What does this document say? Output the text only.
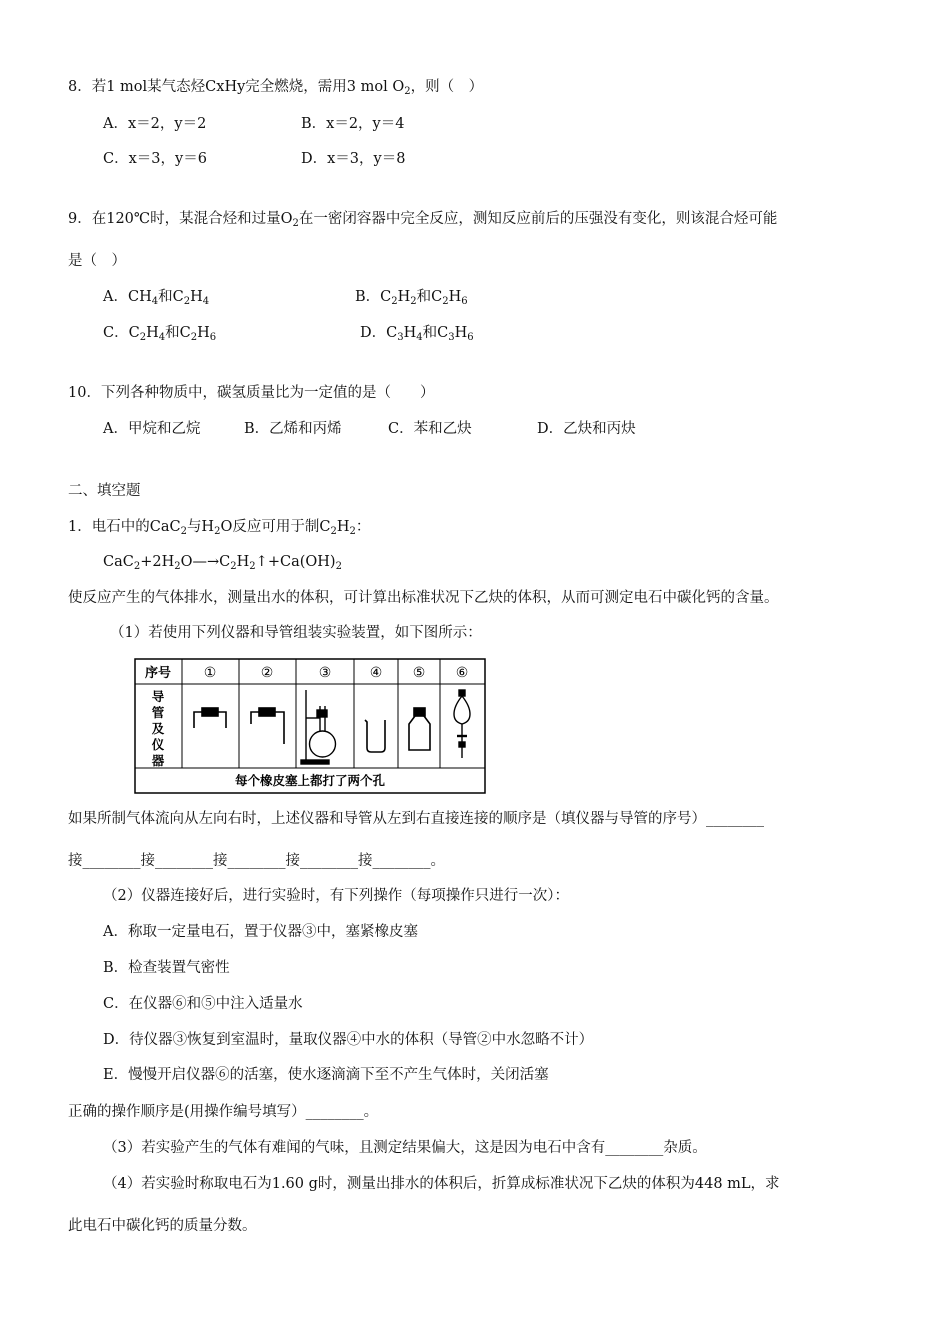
8．若1 mol某气态烃CxHy完全燃烧，需用3 mol $O_2$，则（　）
A．x＝2，y＝2	B．x＝2，y＝4
C．x＝3，y＝6	D．x＝3，y＝8
9．在120℃时，某混合烃和过量$O_2$在一密闭容器中完全反应，测知反应前后的压强没有变化，则该混合烃可能
是（　）
A．$CH_4$和$C_2H_4$	B．$C_2H_2$和$C_2H_6$
C．$C_2H_4$和$C_2H_6$	D．$C_3H_4$和$C_3H_6$
10．下列各种物质中，碳氢质量比为一定值的是（　　）
A．甲烷和乙烷	B．乙烯和丙烯	C．苯和乙炔	D．乙炔和丙炔
二、填空题
1．电石中的CaC$_2$与$H_2O$反应可用于制$C_2H_2$：
$CaC_2+2H_2O—\to C_2H_2↑+Ca(OH)_2$
使反应产生的气体排水，测量出水的体积，可计算出标准状况下乙炔的体积，从而可测定电石中碳化钙的含量。
（1）若使用下列仪器和导管组装实验装置，如下图所示：
序号 ①	②	③	④ ⑤ ⑥
导
管
及
仪
器
每个橡皮塞上都打了两个孔
如果所制气体流向从左向右时，上述仪器和导管从左到右直接连接的顺序是（填仪器与导管的序号）________
接________接________接________接________接________。
（2）仪器连接好后，进行实验时，有下列操作（每项操作只进行一次）：
A．称取一定量电石，置于仪器③中，塞紧橡皮塞
B．检查装置气密性
C．在仪器⑥和⑤中注入适量水
D．待仪器③恢复到室温时，量取仪器④中水的体积（导管②中水忽略不计）
E．慢慢开启仪器⑥的活塞，使水逐滴滴下至不产生气体时，关闭活塞
正确的操作顺序是(用操作编号填写）________。
（3）若实验产生的气体有难闻的气味，且测定结果偏大，这是因为电石中含有________杂质。
（4）若实验时称取电石为1.60 g时，测量出排水的体积后，折算成标准状况下乙炔的体积为448 mL，求
此电石中碳化钙的质量分数。
